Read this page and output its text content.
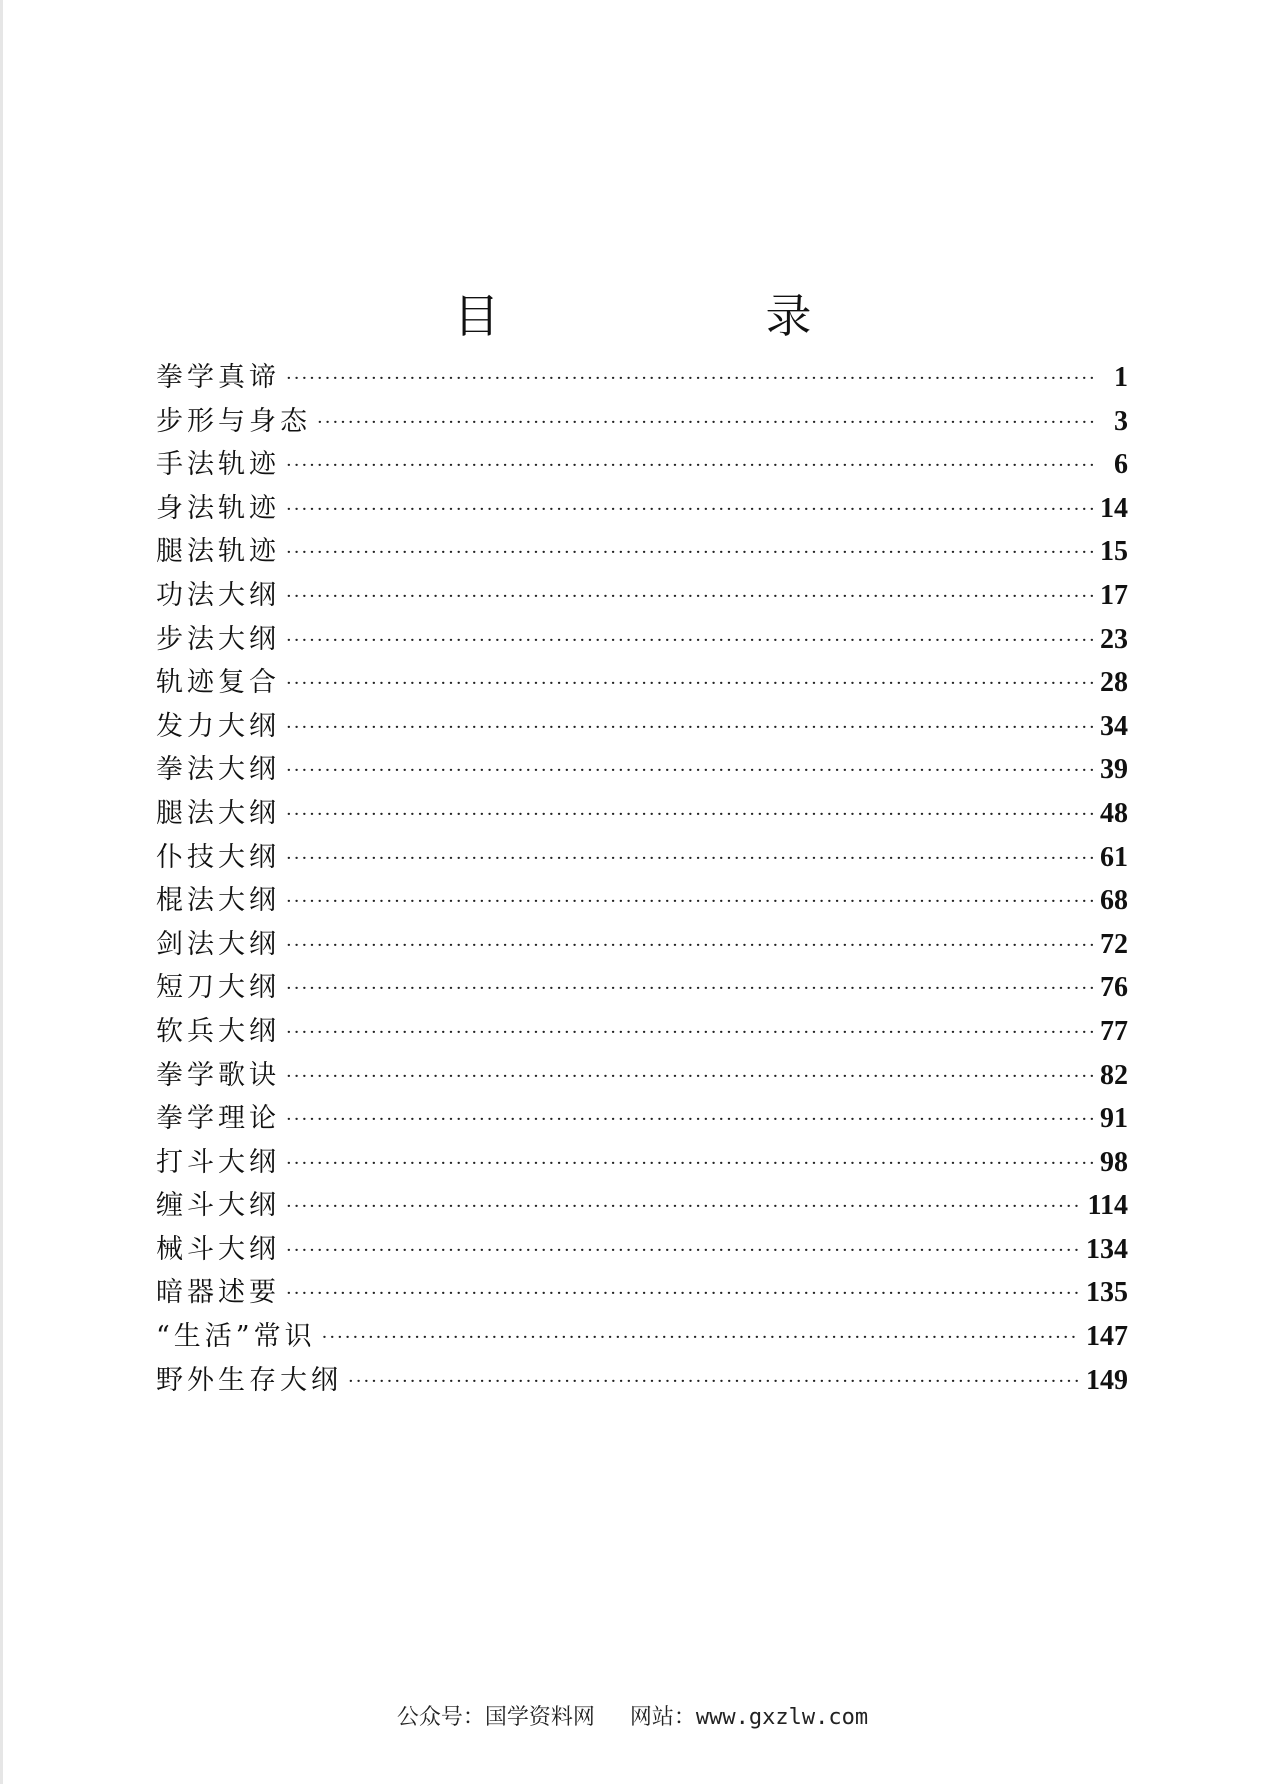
目　录
拳学真谛 ·····	1
步形与身态 ·····	3
手法轨迹 ·····	6
身法轨迹 ·····	14
腿法轨迹 ·····	15
功法大纲 ·····	17
步法大纲 ·····	23
轨迹复合 ·····	28
发力大纲 ·····	34
拳法大纲 ·····	39
腿法大纲 ·····	48
仆技大纲 ·····	61
棍法大纲 ·····	68
剑法大纲 ·····	72
短刀大纲 ·····	76
软兵大纲 ·····	77
拳学歌诀 ·····	82
拳学理论 ·····	91
打斗大纲 ·····	98
缠斗大纲 ·····	114
械斗大纲 ·····	134
暗器述要 ·····	135
“生活”常识 ·····	147
野外生存大纲 ·····	149
公众号：国学资料网 网站：www.gxzlw.com
